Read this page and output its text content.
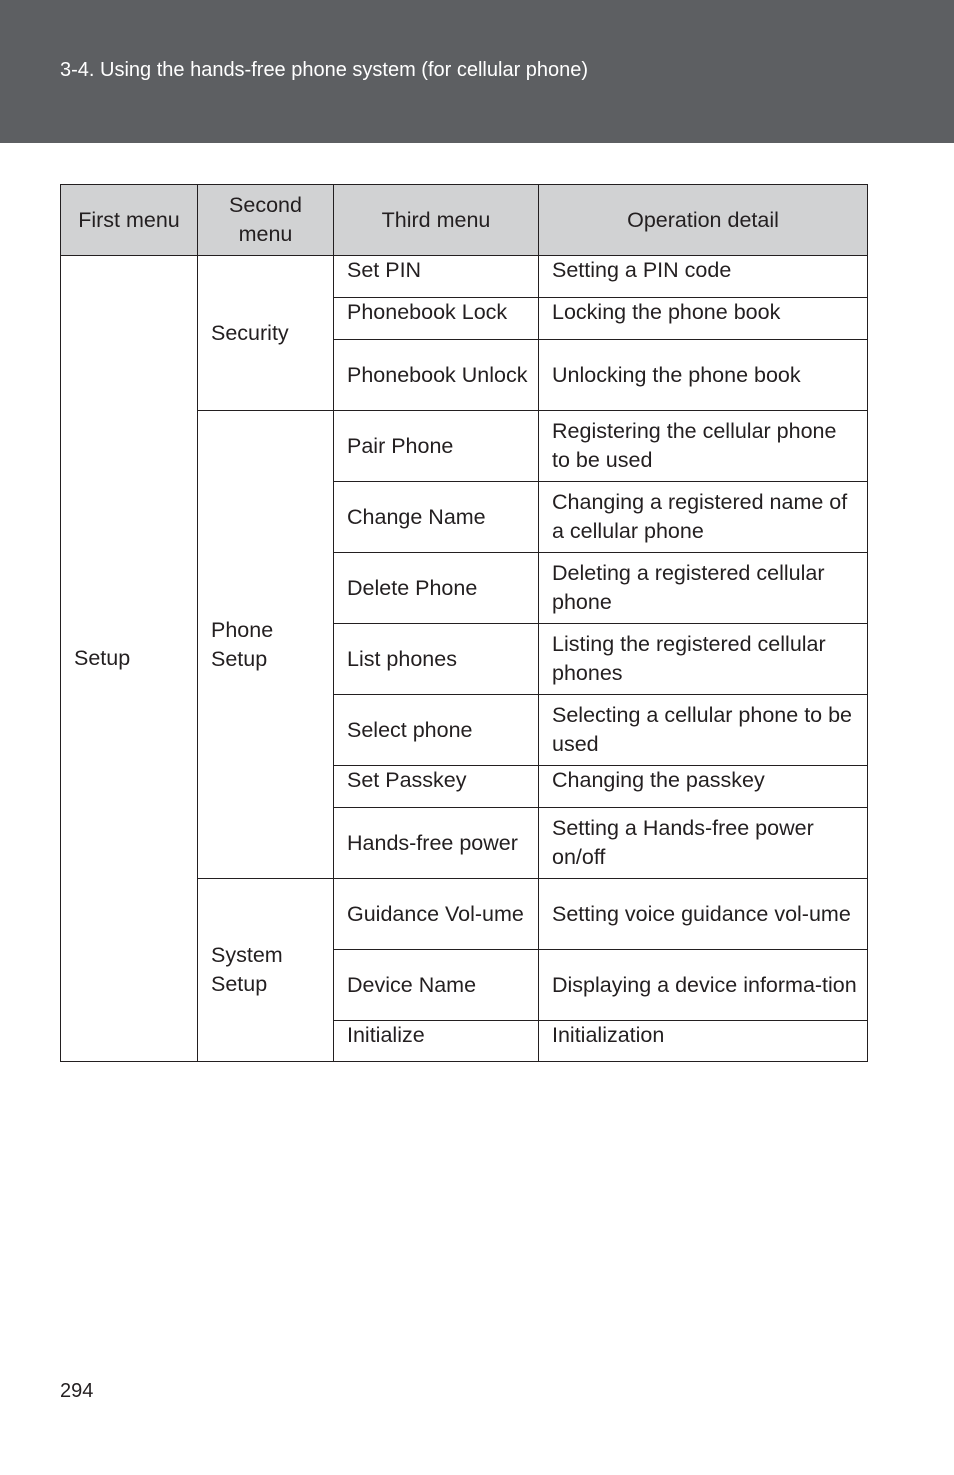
3-4. Using the hands-free phone system (for cellular phone)
First menu	Second menu	Third menu	Operation detail
Setup	Security	Set PIN	Setting a PIN code
		Phonebook Lock	Locking the phone book
		Phonebook Unlock	Unlocking the phone book
	Phone Setup	Pair Phone	Registering the cellular phone to be used
		Change Name	Changing a registered name of a cellular phone
		Delete Phone	Deleting a registered cellular phone
		List phones	Listing the registered cellular phones
		Select phone	Selecting a cellular phone to be used
		Set Passkey	Changing the passkey
		Hands-free power	Setting a Hands-free power on/off
	System Setup	Guidance Vol-ume	Setting voice guidance vol-ume
		Device Name	Displaying a device informa-tion
		Initialize	Initialization
294
